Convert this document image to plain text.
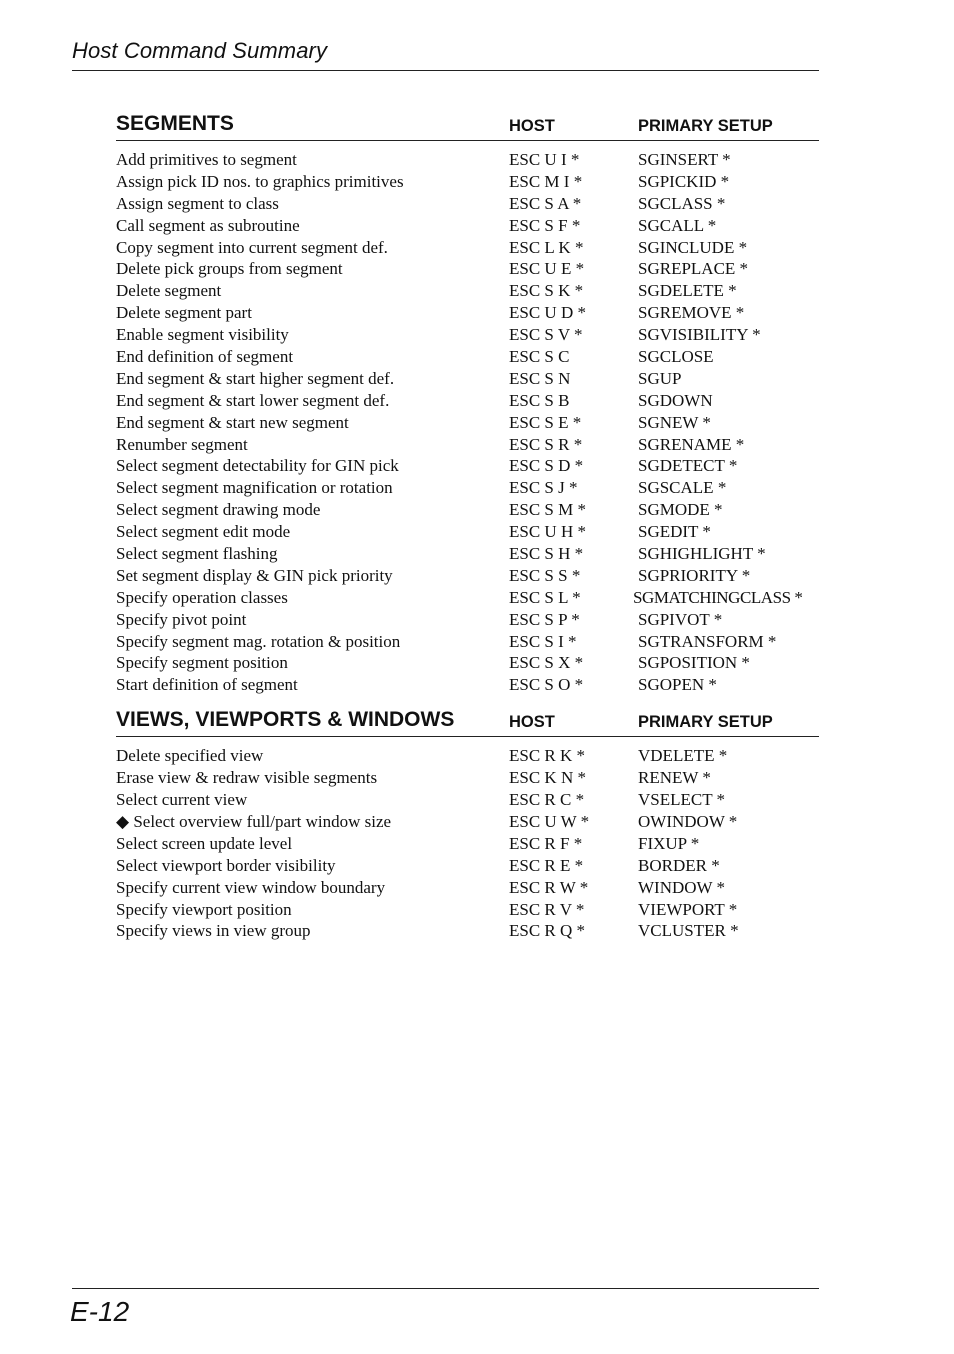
Host Command Summary
SEGMENTS	HOST	PRIMARY SETUP
Add primitives to segment	ESC U I *	SGINSERT *
Assign pick ID nos. to graphics primitives	ESC M I *	SGPICKID *
Assign segment to class	ESC S A *	SGCLASS *
Call segment as subroutine	ESC S F *	SGCALL *
Copy segment into current segment def.	ESC L K *	SGINCLUDE *
Delete pick groups from segment	ESC U E *	SGREPLACE *
Delete segment	ESC S K *	SGDELETE *
Delete segment part	ESC U D *	SGREMOVE *
Enable segment visibility	ESC S V *	SGVISIBILITY *
End definition of segment	ESC S C	SGCLOSE
End segment & start higher segment def.	ESC S N	SGUP
End segment & start lower segment def.	ESC S B	SGDOWN
End segment & start new segment	ESC S E *	SGNEW *
Renumber segment	ESC S R *	SGRENAME *
Select segment detectability for GIN pick	ESC S D *	SGDETECT *
Select segment magnification or rotation	ESC S J *	SGSCALE *
Select segment drawing mode	ESC S M *	SGMODE *
Select segment edit mode	ESC U H *	SGEDIT *
Select segment flashing	ESC S H *	SGHIGHLIGHT *
Set segment display & GIN pick priority	ESC S S *	SGPRIORITY *
Specify operation classes	ESC S L *	SGMATCHINGCLASS *
Specify pivot point	ESC S P *	SGPIVOT *
Specify segment mag. rotation & position	ESC S I *	SGTRANSFORM *
Specify segment position	ESC S X *	SGPOSITION *
Start definition of segment	ESC S O *	SGOPEN *
VIEWS, VIEWPORTS & WINDOWS	HOST	PRIMARY SETUP
Delete specified view	ESC R K *	VDELETE *
Erase view & redraw visible segments	ESC K N *	RENEW *
Select current view	ESC R C *	VSELECT *
◆ Select overview full/part window size	ESC U W *	OWINDOW *
Select screen update level	ESC R F *	FIXUP *
Select viewport border visibility	ESC R E *	BORDER *
Specify current view window boundary	ESC R W *	WINDOW *
Specify viewport position	ESC R V *	VIEWPORT *
Specify views in view group	ESC R Q *	VCLUSTER *
E-12
